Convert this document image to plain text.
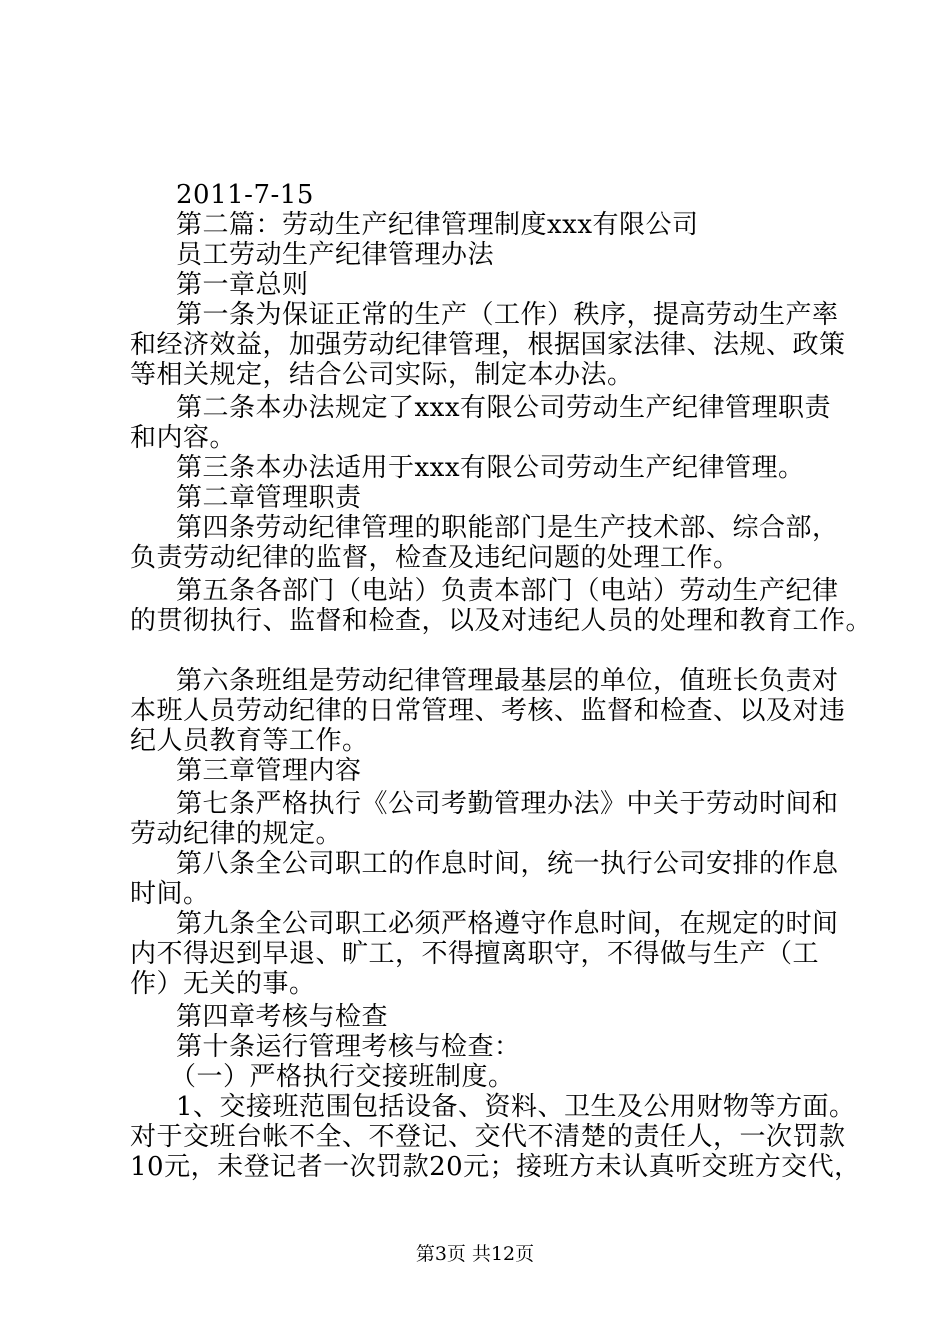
2011-7-15
第二篇：劳动生产纪律管理制度xxx有限公司
员工劳动生产纪律管理办法
第一章总则
第一条为保证正常的生产（工作）秩序，提高劳动生产率
和经济效益，加强劳动纪律管理，根据国家法律、法规、政策
等相关规定，结合公司实际，制定本办法。
第二条本办法规定了xxx有限公司劳动生产纪律管理职责
和内容。
第三条本办法适用于xxx有限公司劳动生产纪律管理。
第二章管理职责
第四条劳动纪律管理的职能部门是生产技术部、综合部，
负责劳动纪律的监督，检查及违纪问题的处理工作。
第五条各部门（电站）负责本部门（电站）劳动生产纪律
的贯彻执行、监督和检查，以及对违纪人员的处理和教育工作。
第六条班组是劳动纪律管理最基层的单位，值班长负责对
本班人员劳动纪律的日常管理、考核、监督和检查、以及对违
纪人员教育等工作。
第三章管理内容
第七条严格执行《公司考勤管理办法》中关于劳动时间和
劳动纪律的规定。
第八条全公司职工的作息时间，统一执行公司安排的作息
时间。
第九条全公司职工必须严格遵守作息时间，在规定的时间
内不得迟到早退、旷工，不得擅离职守，不得做与生产（工
作）无关的事。
第四章考核与检查
第十条运行管理考核与检查：
（一）严格执行交接班制度。
1、交接班范围包括设备、资料、卫生及公用财物等方面。
对于交班台帐不全、不登记、交代不清楚的责任人，一次罚款
10元，未登记者一次罚款20元；接班方未认真听交班方交代，
第3页 共12页
